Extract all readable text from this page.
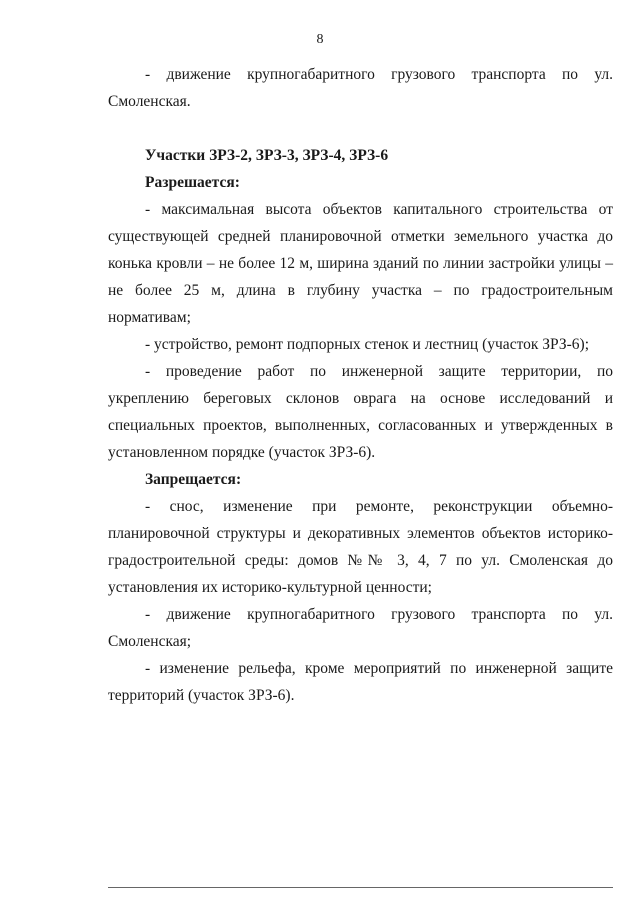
8

- движение крупногабаритного грузового транспорта по ул. Смоленская.

Участки ЗРЗ-2, ЗРЗ-3, ЗРЗ-4, ЗРЗ-6

Разрешается:

- максимальная высота объектов капитального строительства от существующей средней планировочной отметки земельного участка до конька кровли – не более 12 м, ширина зданий по линии застройки улицы – не более 25 м, длина в глубину участка – по градостроительным нормативам;

- устройство, ремонт подпорных стенок и лестниц (участок ЗРЗ-6);

- проведение работ по инженерной защите территории, по укреплению береговых склонов оврага на основе исследований и специальных проектов, выполненных, согласованных и утвержденных в установленном порядке (участок ЗРЗ-6).

Запрещается:

- снос, изменение при ремонте, реконструкции объемно-планировочной структуры и декоративных элементов объектов историко-градостроительной среды: домов №№ 3, 4, 7 по ул. Смоленская до установления их историко-культурной ценности;

- движение крупногабаритного грузового транспорта по ул. Смоленская;

- изменение рельефа, кроме мероприятий по инженерной защите территорий (участок ЗРЗ-6).
